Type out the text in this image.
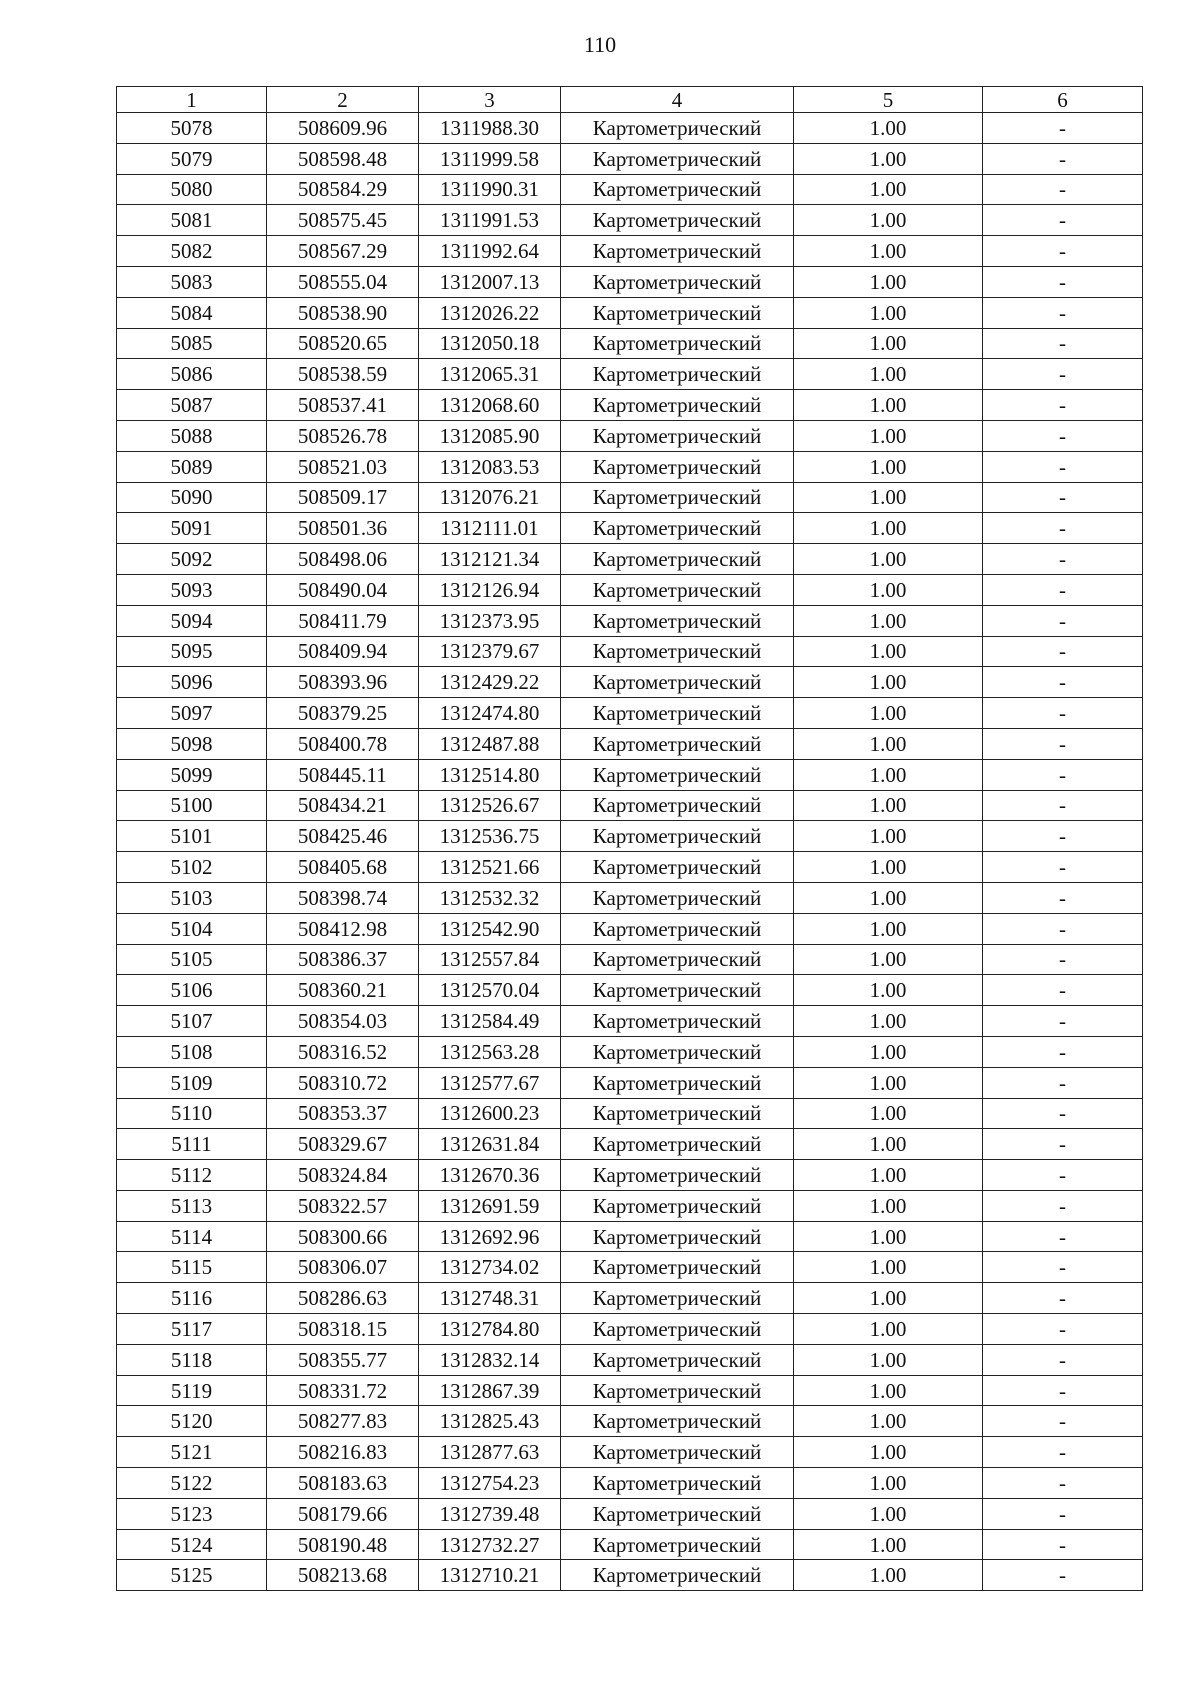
110
1	2	3	4	5	6
5078	508609.96	1311988.30	Картометрический	1.00	-
5079	508598.48	1311999.58	Картометрический	1.00	-
5080	508584.29	1311990.31	Картометрический	1.00	-
5081	508575.45	1311991.53	Картометрический	1.00	-
5082	508567.29	1311992.64	Картометрический	1.00	-
5083	508555.04	1312007.13	Картометрический	1.00	-
5084	508538.90	1312026.22	Картометрический	1.00	-
5085	508520.65	1312050.18	Картометрический	1.00	-
5086	508538.59	1312065.31	Картометрический	1.00	-
5087	508537.41	1312068.60	Картометрический	1.00	-
5088	508526.78	1312085.90	Картометрический	1.00	-
5089	508521.03	1312083.53	Картометрический	1.00	-
5090	508509.17	1312076.21	Картометрический	1.00	-
5091	508501.36	1312111.01	Картометрический	1.00	-
5092	508498.06	1312121.34	Картометрический	1.00	-
5093	508490.04	1312126.94	Картометрический	1.00	-
5094	508411.79	1312373.95	Картометрический	1.00	-
5095	508409.94	1312379.67	Картометрический	1.00	-
5096	508393.96	1312429.22	Картометрический	1.00	-
5097	508379.25	1312474.80	Картометрический	1.00	-
5098	508400.78	1312487.88	Картометрический	1.00	-
5099	508445.11	1312514.80	Картометрический	1.00	-
5100	508434.21	1312526.67	Картометрический	1.00	-
5101	508425.46	1312536.75	Картометрический	1.00	-
5102	508405.68	1312521.66	Картометрический	1.00	-
5103	508398.74	1312532.32	Картометрический	1.00	-
5104	508412.98	1312542.90	Картометрический	1.00	-
5105	508386.37	1312557.84	Картометрический	1.00	-
5106	508360.21	1312570.04	Картометрический	1.00	-
5107	508354.03	1312584.49	Картометрический	1.00	-
5108	508316.52	1312563.28	Картометрический	1.00	-
5109	508310.72	1312577.67	Картометрический	1.00	-
5110	508353.37	1312600.23	Картометрический	1.00	-
5111	508329.67	1312631.84	Картометрический	1.00	-
5112	508324.84	1312670.36	Картометрический	1.00	-
5113	508322.57	1312691.59	Картометрический	1.00	-
5114	508300.66	1312692.96	Картометрический	1.00	-
5115	508306.07	1312734.02	Картометрический	1.00	-
5116	508286.63	1312748.31	Картометрический	1.00	-
5117	508318.15	1312784.80	Картометрический	1.00	-
5118	508355.77	1312832.14	Картометрический	1.00	-
5119	508331.72	1312867.39	Картометрический	1.00	-
5120	508277.83	1312825.43	Картометрический	1.00	-
5121	508216.83	1312877.63	Картометрический	1.00	-
5122	508183.63	1312754.23	Картометрический	1.00	-
5123	508179.66	1312739.48	Картометрический	1.00	-
5124	508190.48	1312732.27	Картометрический	1.00	-
5125	508213.68	1312710.21	Картометрический	1.00	-
